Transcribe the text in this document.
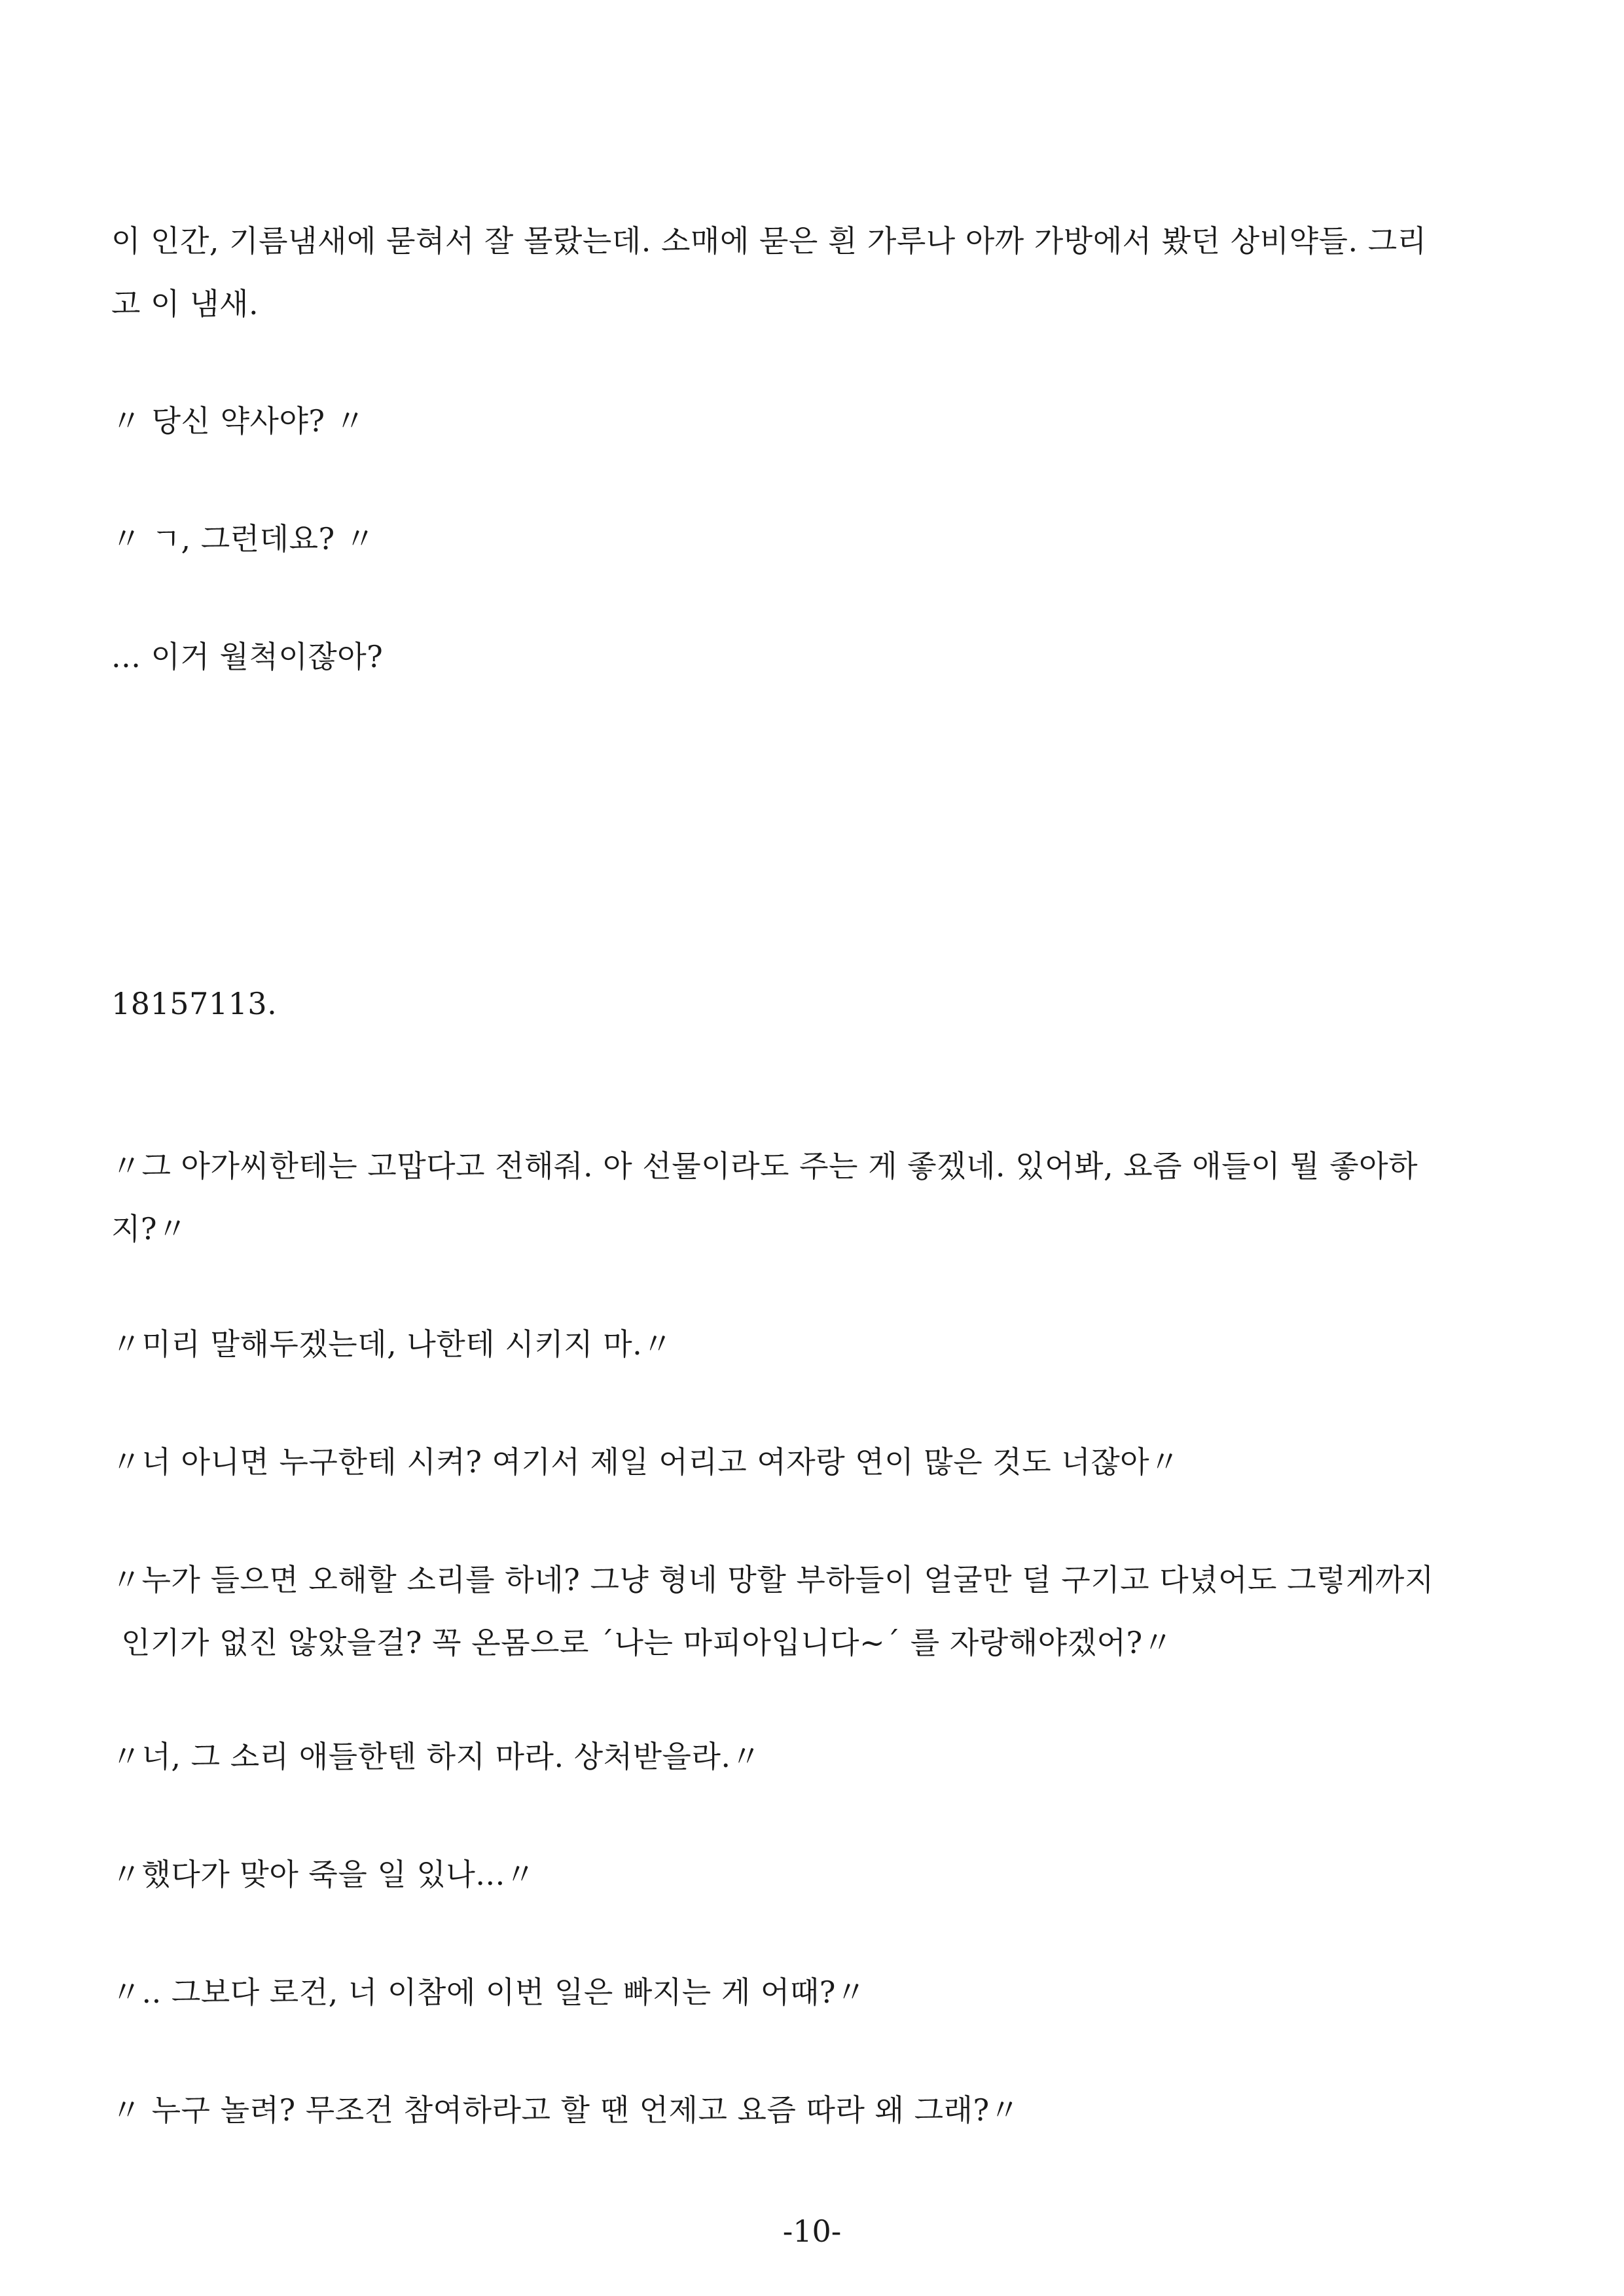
이 인간, 기름냄새에 묻혀서 잘 몰랐는데. 소매에 묻은 흰 가루나 아까 가방에서 봤던 상비약들. 그리
고 이 냄새.

〃 당신 약사야? 〃

〃 ㄱ, 그런데요? 〃

... 이거 월척이잖아?

18157113.

〃그 아가씨한테는 고맙다고 전해줘. 아 선물이라도 주는 게 좋겠네. 있어봐, 요즘 애들이 뭘 좋아하
지?〃

〃미리 말해두겠는데, 나한테 시키지 마.〃

〃너 아니면 누구한테 시켜? 여기서 제일 어리고 여자랑 연이 많은 것도 너잖아〃

〃누가 들으면 오해할 소리를 하네? 그냥 형네 망할 부하들이 얼굴만 덜 구기고 다녔어도 그렇게까지
인기가 없진 않았을걸? 꼭 온몸으로 ´나는 마피아입니다~´ 를 자랑해야겠어?〃

〃너, 그 소리 애들한텐 하지 마라. 상처받을라.〃

〃했다가 맞아 죽을 일 있나...〃

〃.. 그보다 로건, 너 이참에 이번 일은 빠지는 게 어때?〃

〃 누구 놀려? 무조건 참여하라고 할 땐 언제고 요즘 따라 왜 그래?〃

-10-
